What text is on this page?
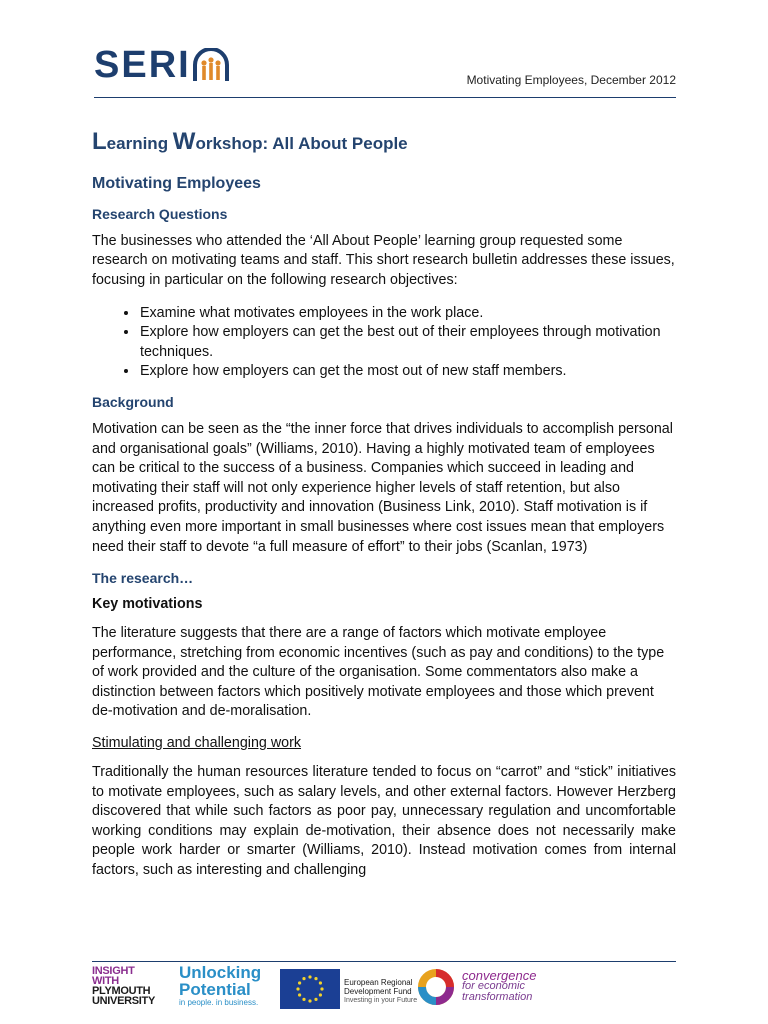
SERI	Motivating Employees, December 2012
Learning Workshop: All About People
Motivating Employees
Research Questions

The businesses who attended the ‘All About People’ learning group requested some research on motivating teams and staff. This short research bulletin addresses these issues, focusing in particular on the following research objectives:

• Examine what motivates employees in the work place.
• Explore how employers can get the best out of their employees through motivation techniques.
• Explore how employers can get the most out of new staff members.
Background

Motivation can be seen as the “the inner force that drives individuals to accomplish personal and organisational goals” (Williams, 2010). Having a highly motivated team of employees can be critical to the success of a business. Companies which succeed in leading and motivating their staff will not only experience higher levels of staff retention, but also increased profits, productivity and innovation (Business Link, 2010). Staff motivation is if anything even more important in small businesses where cost issues mean that employers need their staff to devote “a full measure of effort” to their jobs (Scanlan, 1973)

The research…
Key motivations

The literature suggests that there are a range of factors which motivate employee performance, stretching from economic incentives (such as pay and conditions) to the type of work provided and the culture of the organisation. Some commentators also make a distinction between factors which positively motivate employees and those which prevent de-motivation and de-moralisation.

Stimulating and challenging work

Traditionally the human resources literature tended to focus on “carrot” and “stick” initiatives to motivate employees, such as salary levels, and other external factors. However Herzberg discovered that while such factors as poor pay, unnecessary regulation and uncomfortable working conditions may explain de-motivation, their absence does not necessarily make people work harder or smarter (Williams, 2010). Instead motivation comes from internal factors, such as interesting and challenging

INSIGHT
WITH
PLYMOUTH
UNIVERSITY
Unlocking
Potential
in people. in business.
European Regional
Development Fund
Investing in your Future
convergence
for economic
transformation
